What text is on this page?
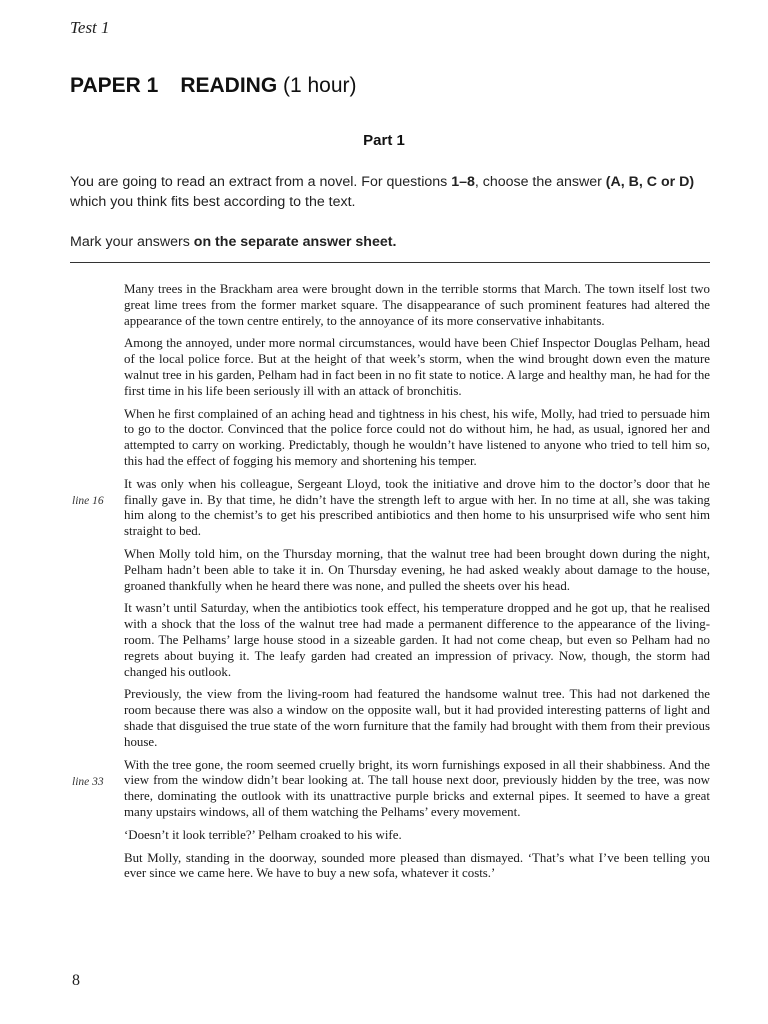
Test 1
PAPER 1 READING (1 hour)
Part 1

You are going to read an extract from a novel. For questions 1–8, choose the answer (A, B, C or D) which you think fits best according to the text.

Mark your answers on the separate answer sheet.

Many trees in the Brackham area were brought down in the terrible storms that March. The town itself lost two great lime trees from the former market square. The disappearance of such prominent features had altered the appearance of the town centre entirely, to the annoyance of its more conservative inhabitants.

Among the annoyed, under more normal circumstances, would have been Chief Inspector Douglas Pelham, head of the local police force. But at the height of that week’s storm, when the wind brought down even the mature walnut tree in his garden, Pelham had in fact been in no fit state to notice. A large and healthy man, he had for the first time in his life been seriously ill with an attack of bronchitis.

When he first complained of an aching head and tightness in his chest, his wife, Molly, had tried to persuade him to go to the doctor. Convinced that the police force could not do without him, he had, as usual, ignored her and attempted to carry on working. Predictably, though he wouldn’t have listened to anyone who tried to tell him so, this had the effect of fogging his memory and shortening his temper.

line 16
It was only when his colleague, Sergeant Lloyd, took the initiative and drove him to the doctor’s door that he finally gave in. By that time, he didn’t have the strength left to argue with her. In no time at all, she was taking him along to the chemist’s to get his prescribed antibiotics and then home to his unsurprised wife who sent him straight to bed.

When Molly told him, on the Thursday morning, that the walnut tree had been brought down during the night, Pelham hadn’t been able to take it in. On Thursday evening, he had asked weakly about damage to the house, groaned thankfully when he heard there was none, and pulled the sheets over his head.

It wasn’t until Saturday, when the antibiotics took effect, his temperature dropped and he got up, that he realised with a shock that the loss of the walnut tree had made a permanent difference to the appearance of the living-room. The Pelhams’ large house stood in a sizeable garden. It had not come cheap, but even so Pelham had no regrets about buying it. The leafy garden had created an impression of privacy. Now, though, the storm had changed his outlook.

Previously, the view from the living-room had featured the handsome walnut tree. This had not darkened the room because there was also a window on the opposite wall, but it had provided interesting patterns of light and shade that disguised the true state of the worn furniture that the family had brought with them from their previous house.

line 33
With the tree gone, the room seemed cruelly bright, its worn furnishings exposed in all their shabbiness. And the view from the window didn’t bear looking at. The tall house next door, previously hidden by the tree, was now there, dominating the outlook with its unattractive purple bricks and external pipes. It seemed to have a great many upstairs windows, all of them watching the Pelhams’ every movement.

‘Doesn’t it look terrible?’ Pelham croaked to his wife.

But Molly, standing in the doorway, sounded more pleased than dismayed. ‘That’s what I’ve been telling you ever since we came here. We have to buy a new sofa, whatever it costs.’

8
